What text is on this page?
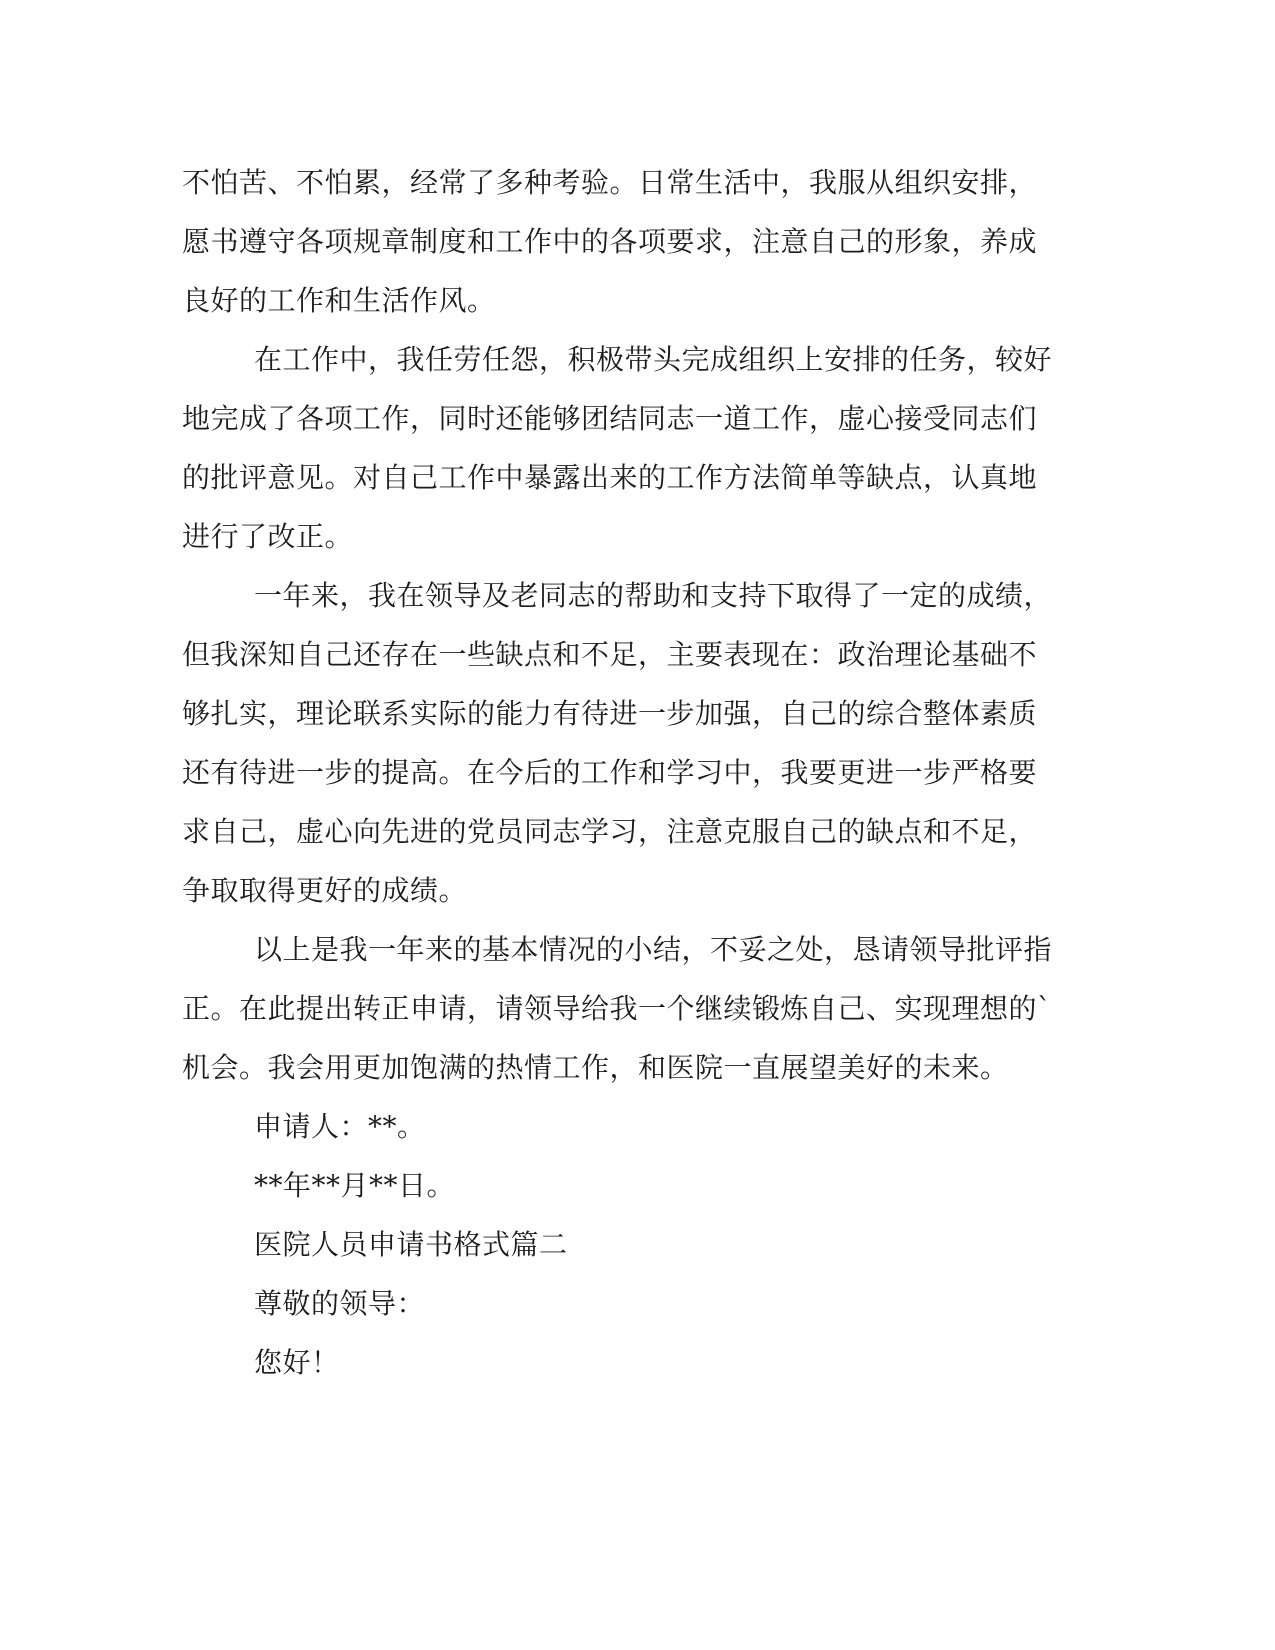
不怕苦、不怕累，经常了多种考验。日常生活中，我服从组织安排，
愿书遵守各项规章制度和工作中的各项要求，注意自己的形象，养成
良好的工作和生活作风。
在工作中，我任劳任怨，积极带头完成组织上安排的任务，较好
地完成了各项工作，同时还能够团结同志一道工作，虚心接受同志们
的批评意见。对自己工作中暴露出来的工作方法简单等缺点，认真地
进行了改正。
一年来，我在领导及老同志的帮助和支持下取得了一定的成绩，
但我深知自己还存在一些缺点和不足，主要表现在：政治理论基础不
够扎实，理论联系实际的能力有待进一步加强，自己的综合整体素质
还有待进一步的提高。在今后的工作和学习中，我要更进一步严格要
求自己，虚心向先进的党员同志学习，注意克服自己的缺点和不足，
争取取得更好的成绩。
以上是我一年来的基本情况的小结，不妥之处，恳请领导批评指
正。在此提出转正申请，请领导给我一个继续锻炼自己、实现理想的`
机会。我会用更加饱满的热情工作，和医院一直展望美好的未来。
申请人：**。
**年**月**日。
医院人员申请书格式篇二
尊敬的领导：
您好！
